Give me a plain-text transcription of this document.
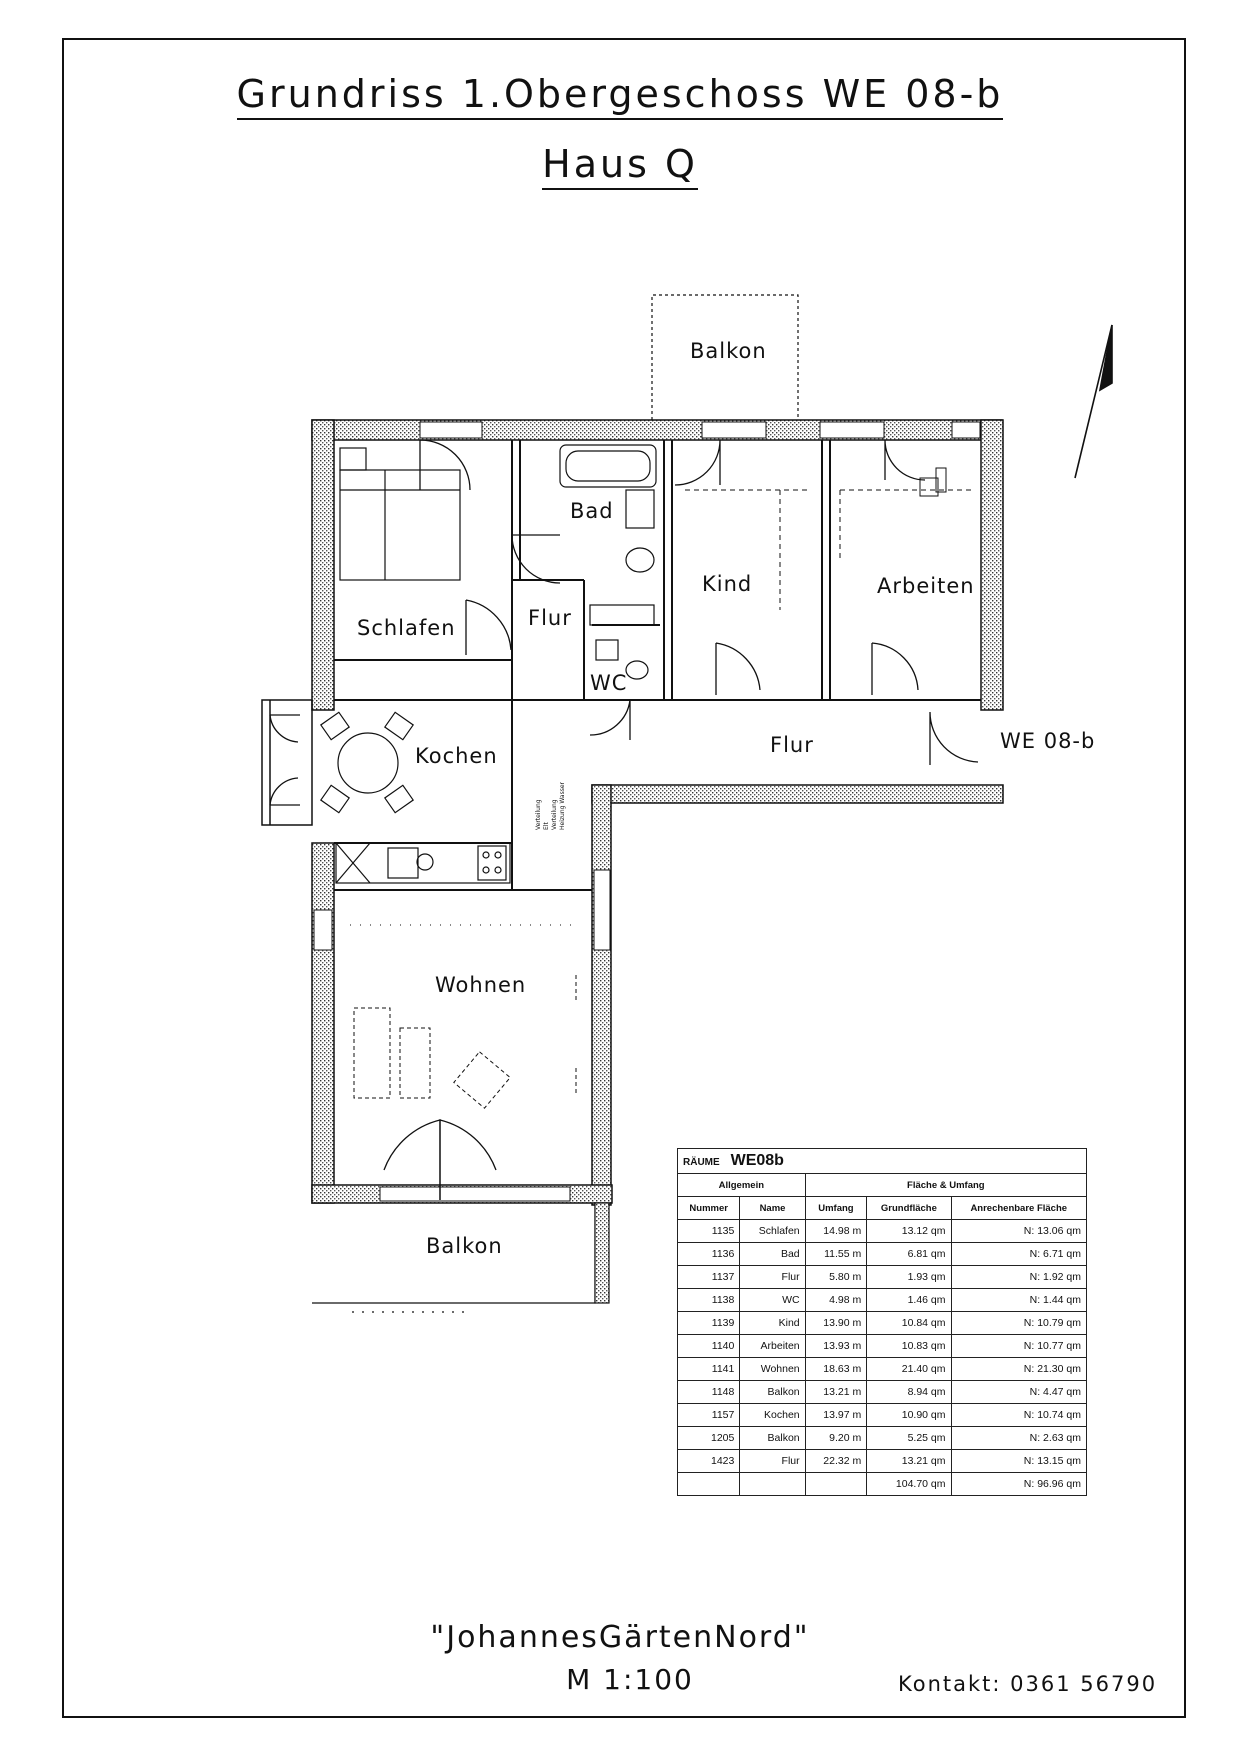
Grundriss 1.Obergeschoss WE 08-b
Haus Q
Verteilung Elt Verteilung Heizung Wasser
Balkon
Bad
Schlafen	Flur
WC
Kind	Arbeiten
Kochen	Flur	WE 08-b
Wohnen
Balkon
RÄUME WE08b				
Allgemein		Fläche & Umfang		
Nummer	Name	Umfang	Grundfläche	Anrechenbare Fläche
1135	Schlafen	14.98 m	13.12 qm	N: 13.06 qm
1136	Bad	11.55 m	6.81 qm	N: 6.71 qm
1137	Flur	5.80 m	1.93 qm	N: 1.92 qm
1138	WC	4.98 m	1.46 qm	N: 1.44 qm
1139	Kind	13.90 m	10.84 qm	N: 10.79 qm
1140	Arbeiten	13.93 m	10.83 qm	N: 10.77 qm
1141	Wohnen	18.63 m	21.40 qm	N: 21.30 qm
1148	Balkon	13.21 m	8.94 qm	N: 4.47 qm
1157	Kochen	13.97 m	10.90 qm	N: 10.74 qm
1205	Balkon	9.20 m	5.25 qm	N: 2.63 qm
1423	Flur	22.32 m	13.21 qm	N: 13.15 qm
			104.70 qm	N: 96.96 qm
"JohannesGärtenNord"
M 1:100	Kontakt: 0361 56790
